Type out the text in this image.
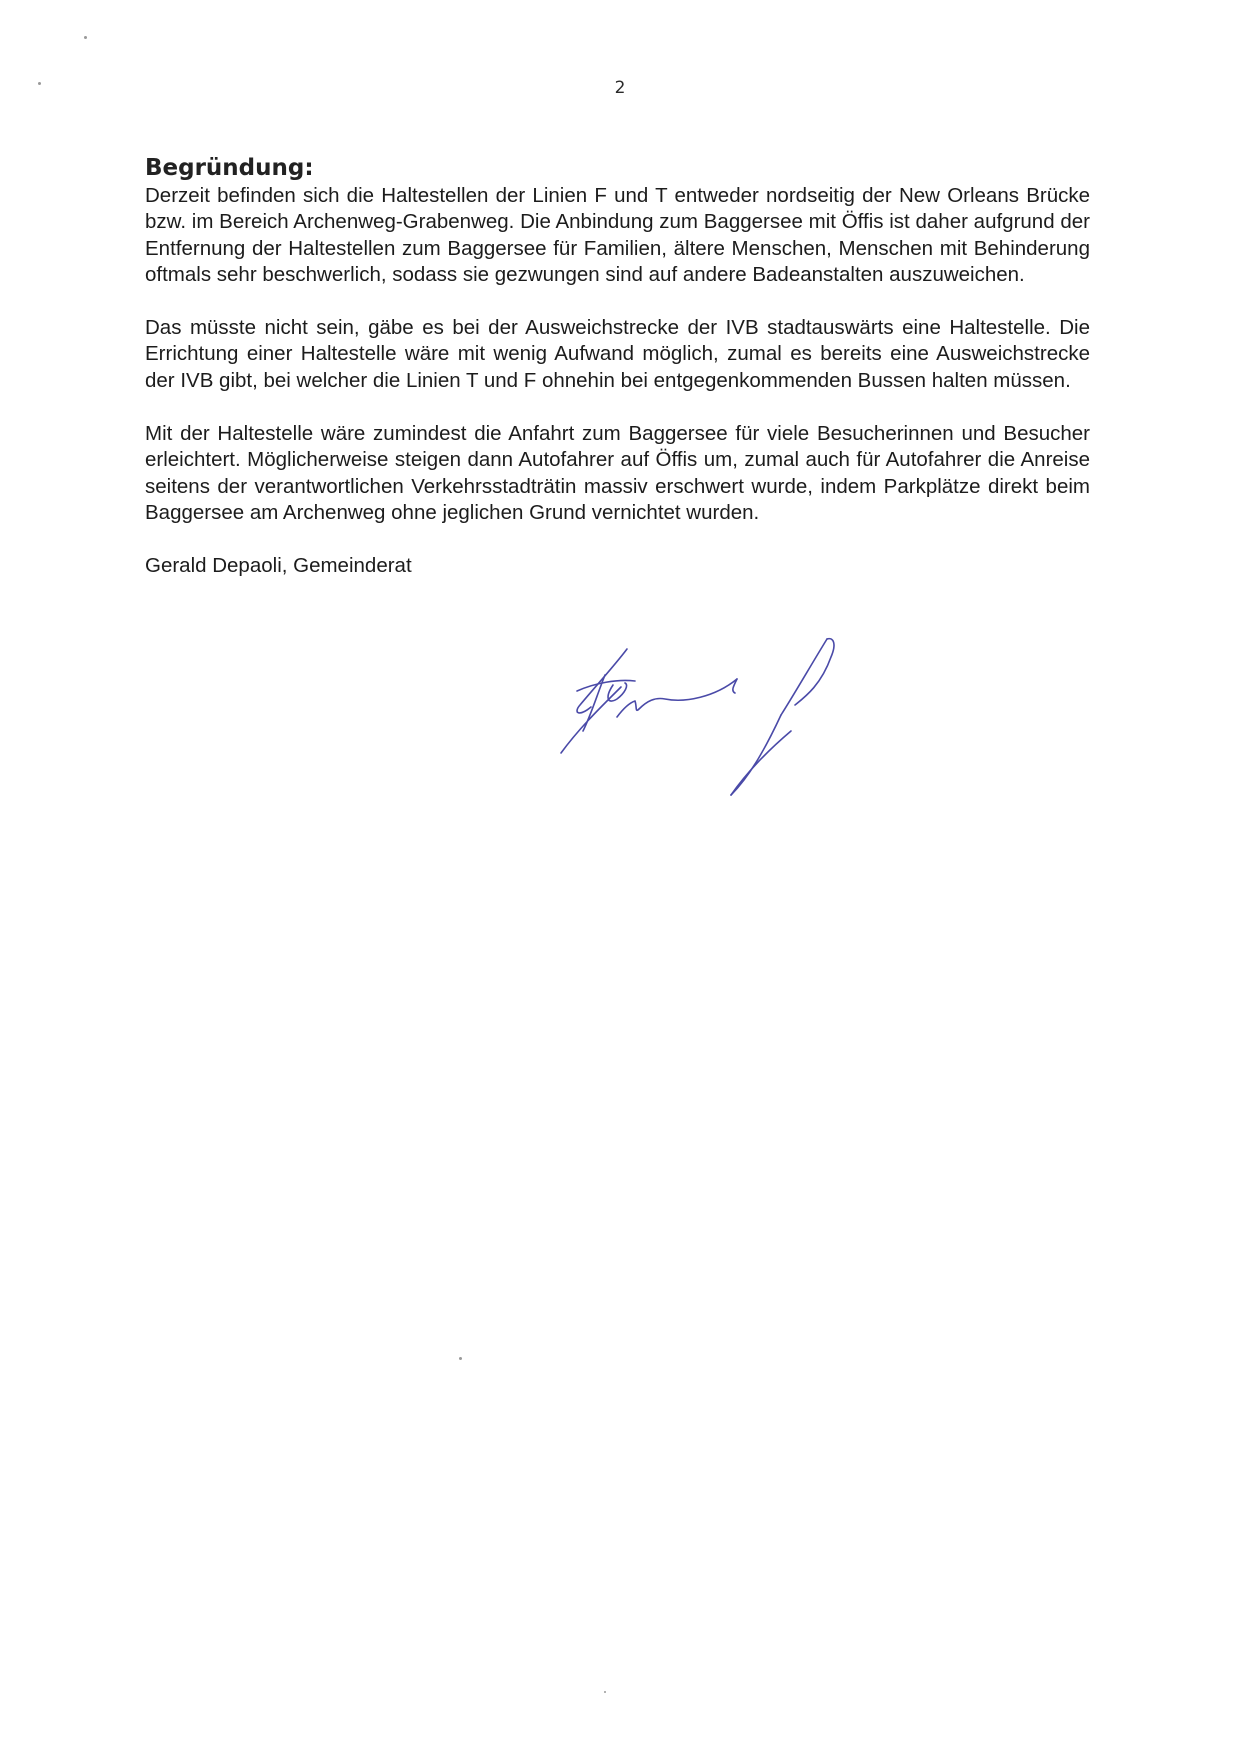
2
Begründung:

Derzeit befinden sich die Haltestellen der Linien F und T entweder nordseitig der New Orleans Brücke bzw. im Bereich Archenweg-Grabenweg. Die Anbindung zum Baggersee mit Öffis ist daher aufgrund der Entfernung der Haltestellen zum Baggersee für Familien, ältere Menschen, Menschen mit Behinderung oftmals sehr beschwerlich, sodass sie gezwungen sind auf andere Badeanstalten auszuweichen.

Das müsste nicht sein, gäbe es bei der Ausweichstrecke der IVB stadtauswärts eine Haltestelle. Die Errichtung einer Haltestelle wäre mit wenig Aufwand möglich, zumal es bereits eine Ausweichstrecke der IVB gibt, bei welcher die Linien T und F ohnehin bei entgegenkommenden Bussen halten müssen.

Mit der Haltestelle wäre zumindest die Anfahrt zum Baggersee für viele Besucherinnen und Besucher erleichtert. Möglicherweise steigen dann Autofahrer auf Öffis um, zumal auch für Autofahrer die Anreise seitens der verantwortlichen Verkehrsstadträtin massiv erschwert wurde, indem Parkplätze direkt beim Baggersee am Archenweg ohne jeglichen Grund vernichtet wurden.

Gerald Depaoli, Gemeinderat
